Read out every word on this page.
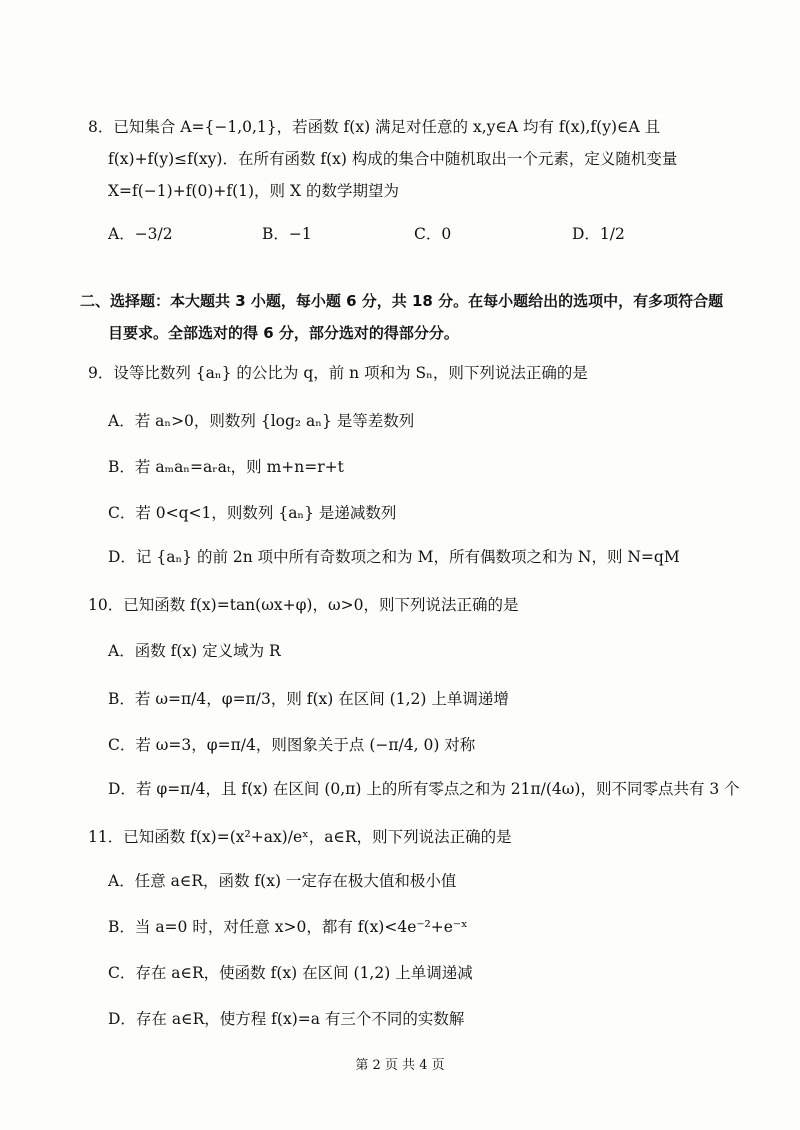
8．已知集合 A={−1,0,1}，若函数 f(x) 满足对任意的 x,y∈A 均有 f(x),f(y)∈A 且
f(x)+f(y)≤f(xy)．在所有函数 f(x) 构成的集合中随机取出一个元素，定义随机变量
X=f(−1)+f(0)+f(1)，则 X 的数学期望为
A．−3/2	B．−1	C．0	D．1/2
二、选择题：本大题共 3 小题，每小题 6 分，共 18 分。在每小题给出的选项中，有多项符合题
目要求。全部选对的得 6 分，部分选对的得部分分。
9．设等比数列 {aₙ} 的公比为 q，前 n 项和为 Sₙ，则下列说法正确的是
A．若 aₙ>0，则数列 {log₂ aₙ} 是等差数列
B．若 aₘaₙ=aᵣaₜ，则 m+n=r+t
C．若 0<q<1，则数列 {aₙ} 是递减数列
D．记 {aₙ} 的前 2n 项中所有奇数项之和为 M，所有偶数项之和为 N，则 N=qM
10．已知函数 f(x)=tan(ωx+φ)，ω>0，则下列说法正确的是
A．函数 f(x) 定义域为 R
B．若 ω=π/4，φ=π/3，则 f(x) 在区间 (1,2) 上单调递增
C．若 ω=3，φ=π/4，则图象关于点 (−π/4, 0) 对称
D．若 φ=π/4，且 f(x) 在区间 (0,π) 上的所有零点之和为 21π/(4ω)，则不同零点共有 3 个
11．已知函数 f(x)=(x²+ax)/eˣ，a∈R，则下列说法正确的是
A．任意 a∈R，函数 f(x) 一定存在极大值和极小值
B．当 a=0 时，对任意 x>0，都有 f(x)<4e⁻²+e⁻ˣ
C．存在 a∈R，使函数 f(x) 在区间 (1,2) 上单调递减
D．存在 a∈R，使方程 f(x)=a 有三个不同的实数解
第 2 页 共 4 页
